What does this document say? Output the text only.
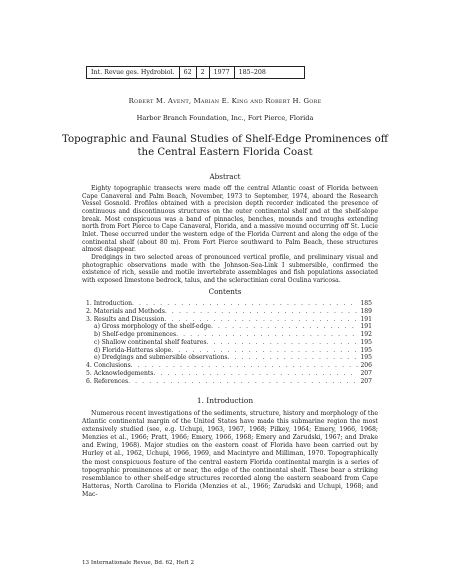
Int. Revue ges. Hydrobiol.	62	2	1977	185–208
Robert M. Avent, Marian E. King and Robert H. Gore
Harbor Branch Foundation, Inc., Fort Pierce, Florida
Topographic and Faunal Studies of Shelf-Edge Prominences off the Central Eastern Florida Coast
Abstract

Eighty topographic transects were made off the central Atlantic coast of Florida between Cape Canaveral and Palm Beach, November, 1973 to September, 1974, aboard the Research Vessel Gosnold. Profiles obtained with a precision depth recorder indicated the presence of continuous and discontinuous structures on the outer continental shelf and at the shelf-slope break. Most conspicuous was a band of pinnacles, benches, mounds and troughs extending north from Fort Pierce to Cape Canaveral, Florida, and a massive mound occurring off St. Lucie Inlet. These occurred under the western edge of the Florida Current and along the edge of the continental shelf (about 80 m). From Fort Pierce southward to Palm Beach, these structures almost disappear.

Dredgings in two selected areas of pronounced vertical profile, and preliminary visual and photographic observations made with the Johnson-Sea-Link I submersible, confirmed the existence of rich, sessile and motile invertebrate assemblages and fish populations associated with exposed limestone bedrock, talus, and the scleractinian coral Oculina varicosa.

Contents
1. Introduction . . .	185
2. Materials and Methods . . .	189
3. Results and Discussion . . .	191
a) Gross morphology of the shelf-edge . . .	191
b) Shelf-edge prominences . . .	192
c) Shallow continental shelf features . . .	195
d) Florida-Hatteras slope . . .	195
e) Dredgings and submersible observations . . .	195
4. Conclusions . . .	206
5. Acknowledgements . . .	207
6. References . . .	207
1. Introduction

Numerous recent investigations of the sediments, structure, history and morphology of the Atlantic continental margin of the United States have made this submarine region the most extensively studied (see, e.g. Uchupi, 1963, 1967, 1968; Pilkey, 1964; Emery, 1966, 1968; Menzies et al., 1966; Pratt, 1966; Emery, 1966, 1968; Emery and Zarudski, 1967; and Drake and Ewing, 1968). Major studies on the eastern coast of Florida have been carried out by Hurley et al., 1962, Uchupi, 1966, 1969, and Macintyre and Milliman, 1970. Topographically the most conspicuous feature of the central eastern Florida continental margin is a series of topographic prominences at or near, the edge of the continental shelf. These bear a striking resemblance to other shelf-edge structures recorded along the eastern seaboard from Cape Hatteras, North Carolina to Florida (Menzies et al., 1966; Zarudski and Uchupi, 1968; and Mac-

13 Internationale Revue, Bd. 62, Heft 2
